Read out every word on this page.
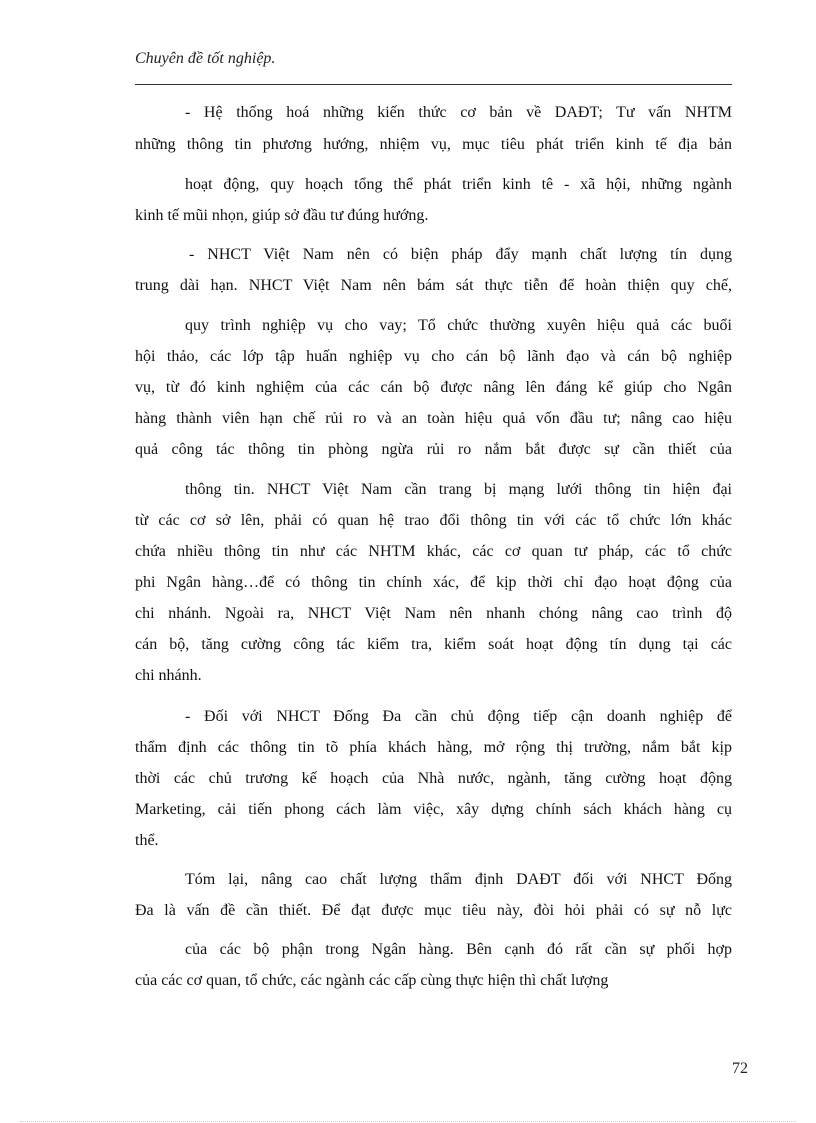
Chuyên đề tốt nghiệp.
- Hệ thống hoá những kiến thức cơ bản về DAĐT; Tư vấn NHTM
những thông tin phương hướng, nhiệm vụ, mục tiêu phát triển kinh tế địa bản
hoạt động, quy hoạch tổng thể phát triển kinh tê - xã hội, những ngành
kinh tế mũi nhọn, giúp sở đầu tư đúng hướng.
- NHCT Việt Nam nên có biện pháp đẩy mạnh chất lượng tín dụng
trung dài hạn. NHCT Việt Nam nên bám sát thực tiễn để hoàn thiện quy chế,
quy trình nghiệp vụ cho vay; Tổ chức thường xuyên hiệu quả các buổi
hội thảo, các lớp tập huấn nghiệp vụ cho cán bộ lãnh đạo và cán bộ nghiệp
vụ, từ đó kinh nghiệm của các cán bộ được nâng lên đáng kể giúp cho Ngân
hàng thành viên hạn chế rủi ro và an toàn hiệu quả vốn đầu tư; nâng cao hiệu
quả công tác thông tin phòng ngừa rủi ro nắm bắt được sự cần thiết của
thông tin. NHCT Việt Nam cần trang bị mạng lưới thông tin hiện đại
từ các cơ sở lên, phải có quan hệ trao đổi thông tin với các tổ chức lớn khác
chứa nhiều thông tin như các NHTM khác, các cơ quan tư pháp, các tổ chức
phi Ngân hàng…để có thông tin chính xác, để kịp thời chỉ đạo hoạt động của
chi nhánh. Ngoài ra, NHCT Việt Nam nên nhanh chóng nâng cao trình độ
cán bộ, tăng cường công tác kiểm tra, kiểm soát hoạt động tín dụng tại các
chi nhánh.
- Đối với NHCT Đống Đa cần chủ động tiếp cận doanh nghiệp để
thẩm định các thông tin tõ phía khách hàng, mở rộng thị trường, nắm bắt kịp
thời các chủ trương kế hoạch của Nhà nước, ngành, tăng cường hoạt động
Marketing, cải tiến phong cách làm việc, xây dựng chính sách khách hàng cụ
thể.
Tóm lại, nâng cao chất lượng thẩm định DAĐT đối với NHCT Đống
Đa là vấn đề cần thiết. Để đạt được mục tiêu này, đòi hỏi phải có sự nỗ lực
của các bộ phận trong Ngân hàng. Bên cạnh đó rất cần sự phối hợp
của các cơ quan, tổ chức, các ngành các cấp cùng thực hiện thì chất lượng
72
